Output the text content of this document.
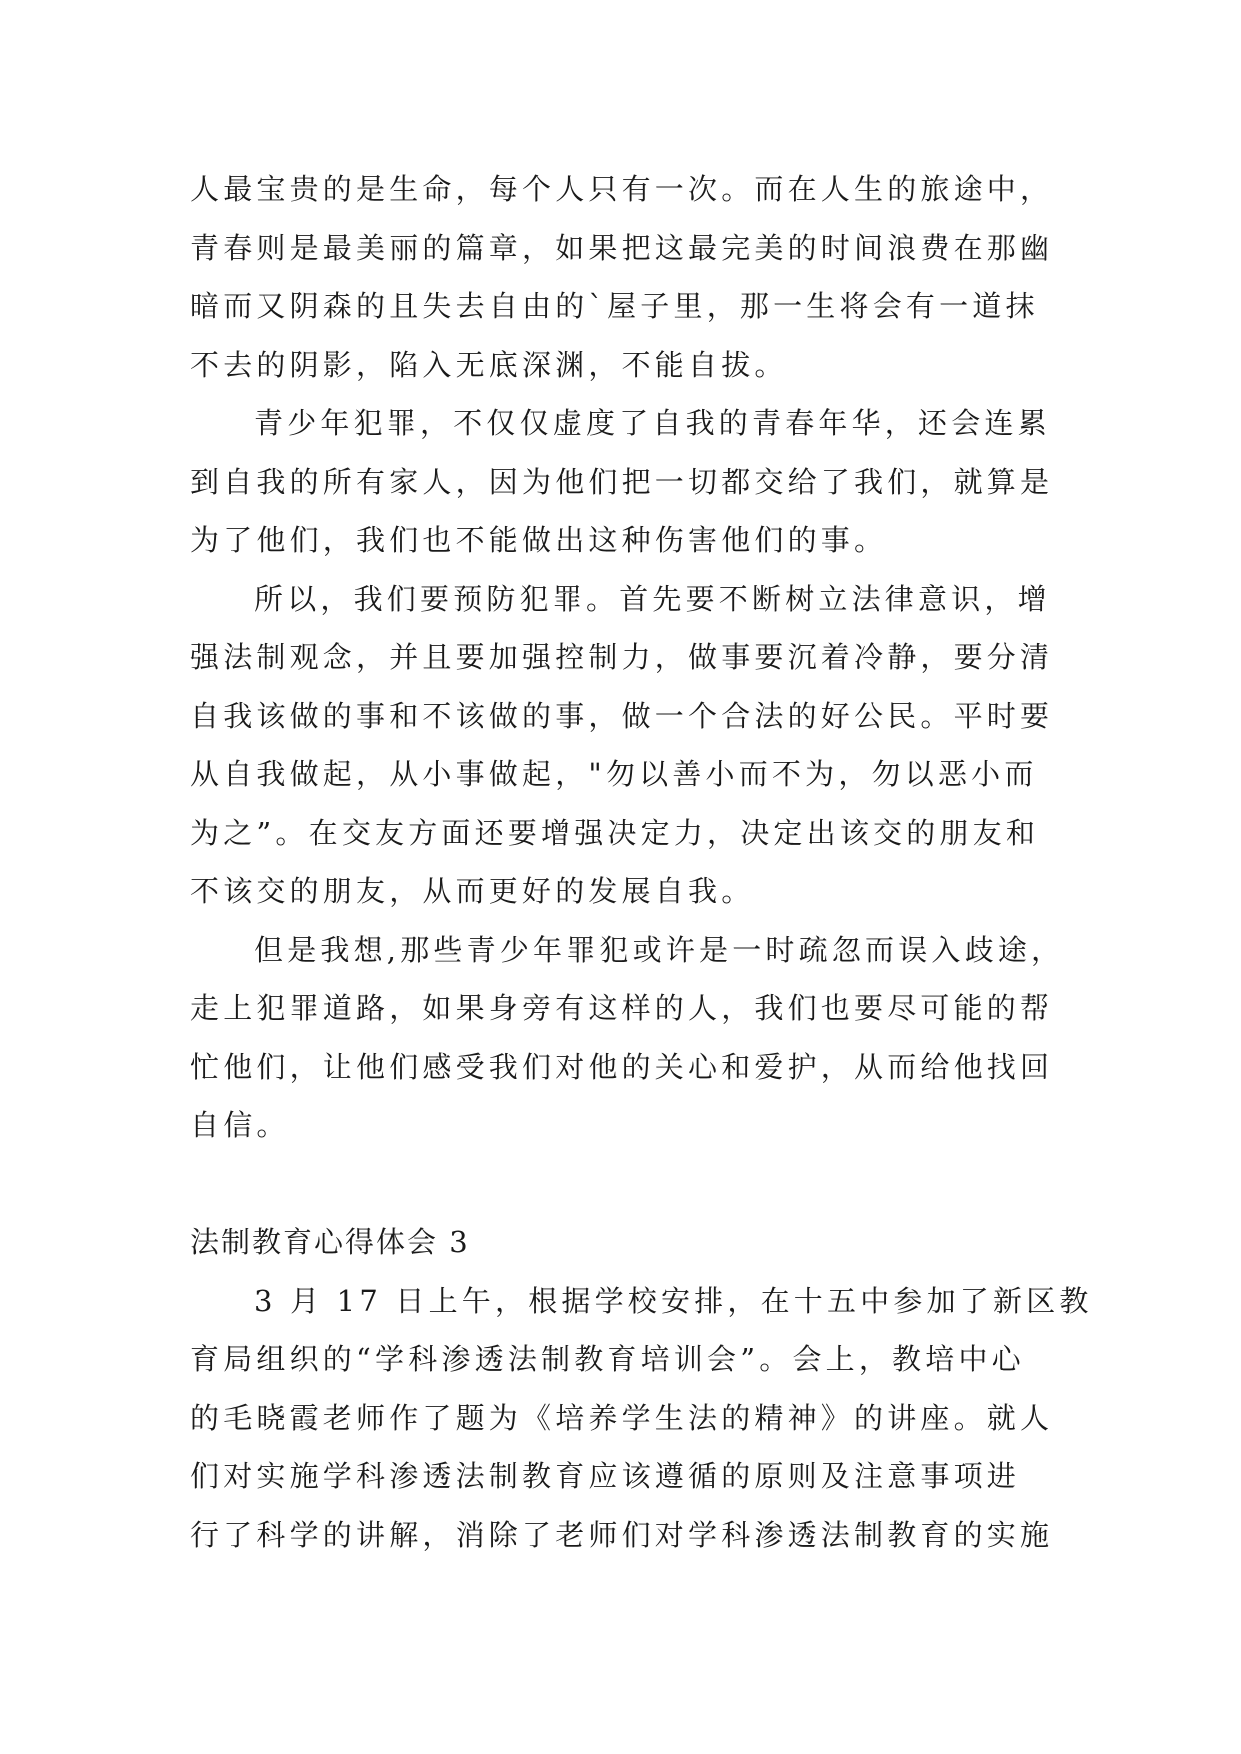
人最宝贵的是生命，每个人只有一次。而在人生的旅途中，
青春则是最美丽的篇章，如果把这最完美的时间浪费在那幽
暗而又阴森的且失去自由的`屋子里，那一生将会有一道抹
不去的阴影，陷入无底深渊，不能自拔。
青少年犯罪，不仅仅虚度了自我的青春年华，还会连累
到自我的所有家人，因为他们把一切都交给了我们，就算是
为了他们，我们也不能做出这种伤害他们的事。
所以，我们要预防犯罪。首先要不断树立法律意识，增
强法制观念，并且要加强控制力，做事要沉着冷静，要分清
自我该做的事和不该做的事，做一个合法的好公民。平时要
从自我做起，从小事做起，"勿以善小而不为，勿以恶小而
为之”。在交友方面还要增强决定力，决定出该交的朋友和
不该交的朋友，从而更好的发展自我。
但是我想,那些青少年罪犯或许是一时疏忽而误入歧途，
走上犯罪道路，如果身旁有这样的人，我们也要尽可能的帮
忙他们，让他们感受我们对他的关心和爱护，从而给他找回
自信。
法制教育心得体会 3
3 月 17 日上午，根据学校安排，在十五中参加了新区教
育局组织的“学科渗透法制教育培训会”。会上，教培中心
的毛晓霞老师作了题为《培养学生法的精神》的讲座。就人
们对实施学科渗透法制教育应该遵循的原则及注意事项进
行了科学的讲解，消除了老师们对学科渗透法制教育的实施
